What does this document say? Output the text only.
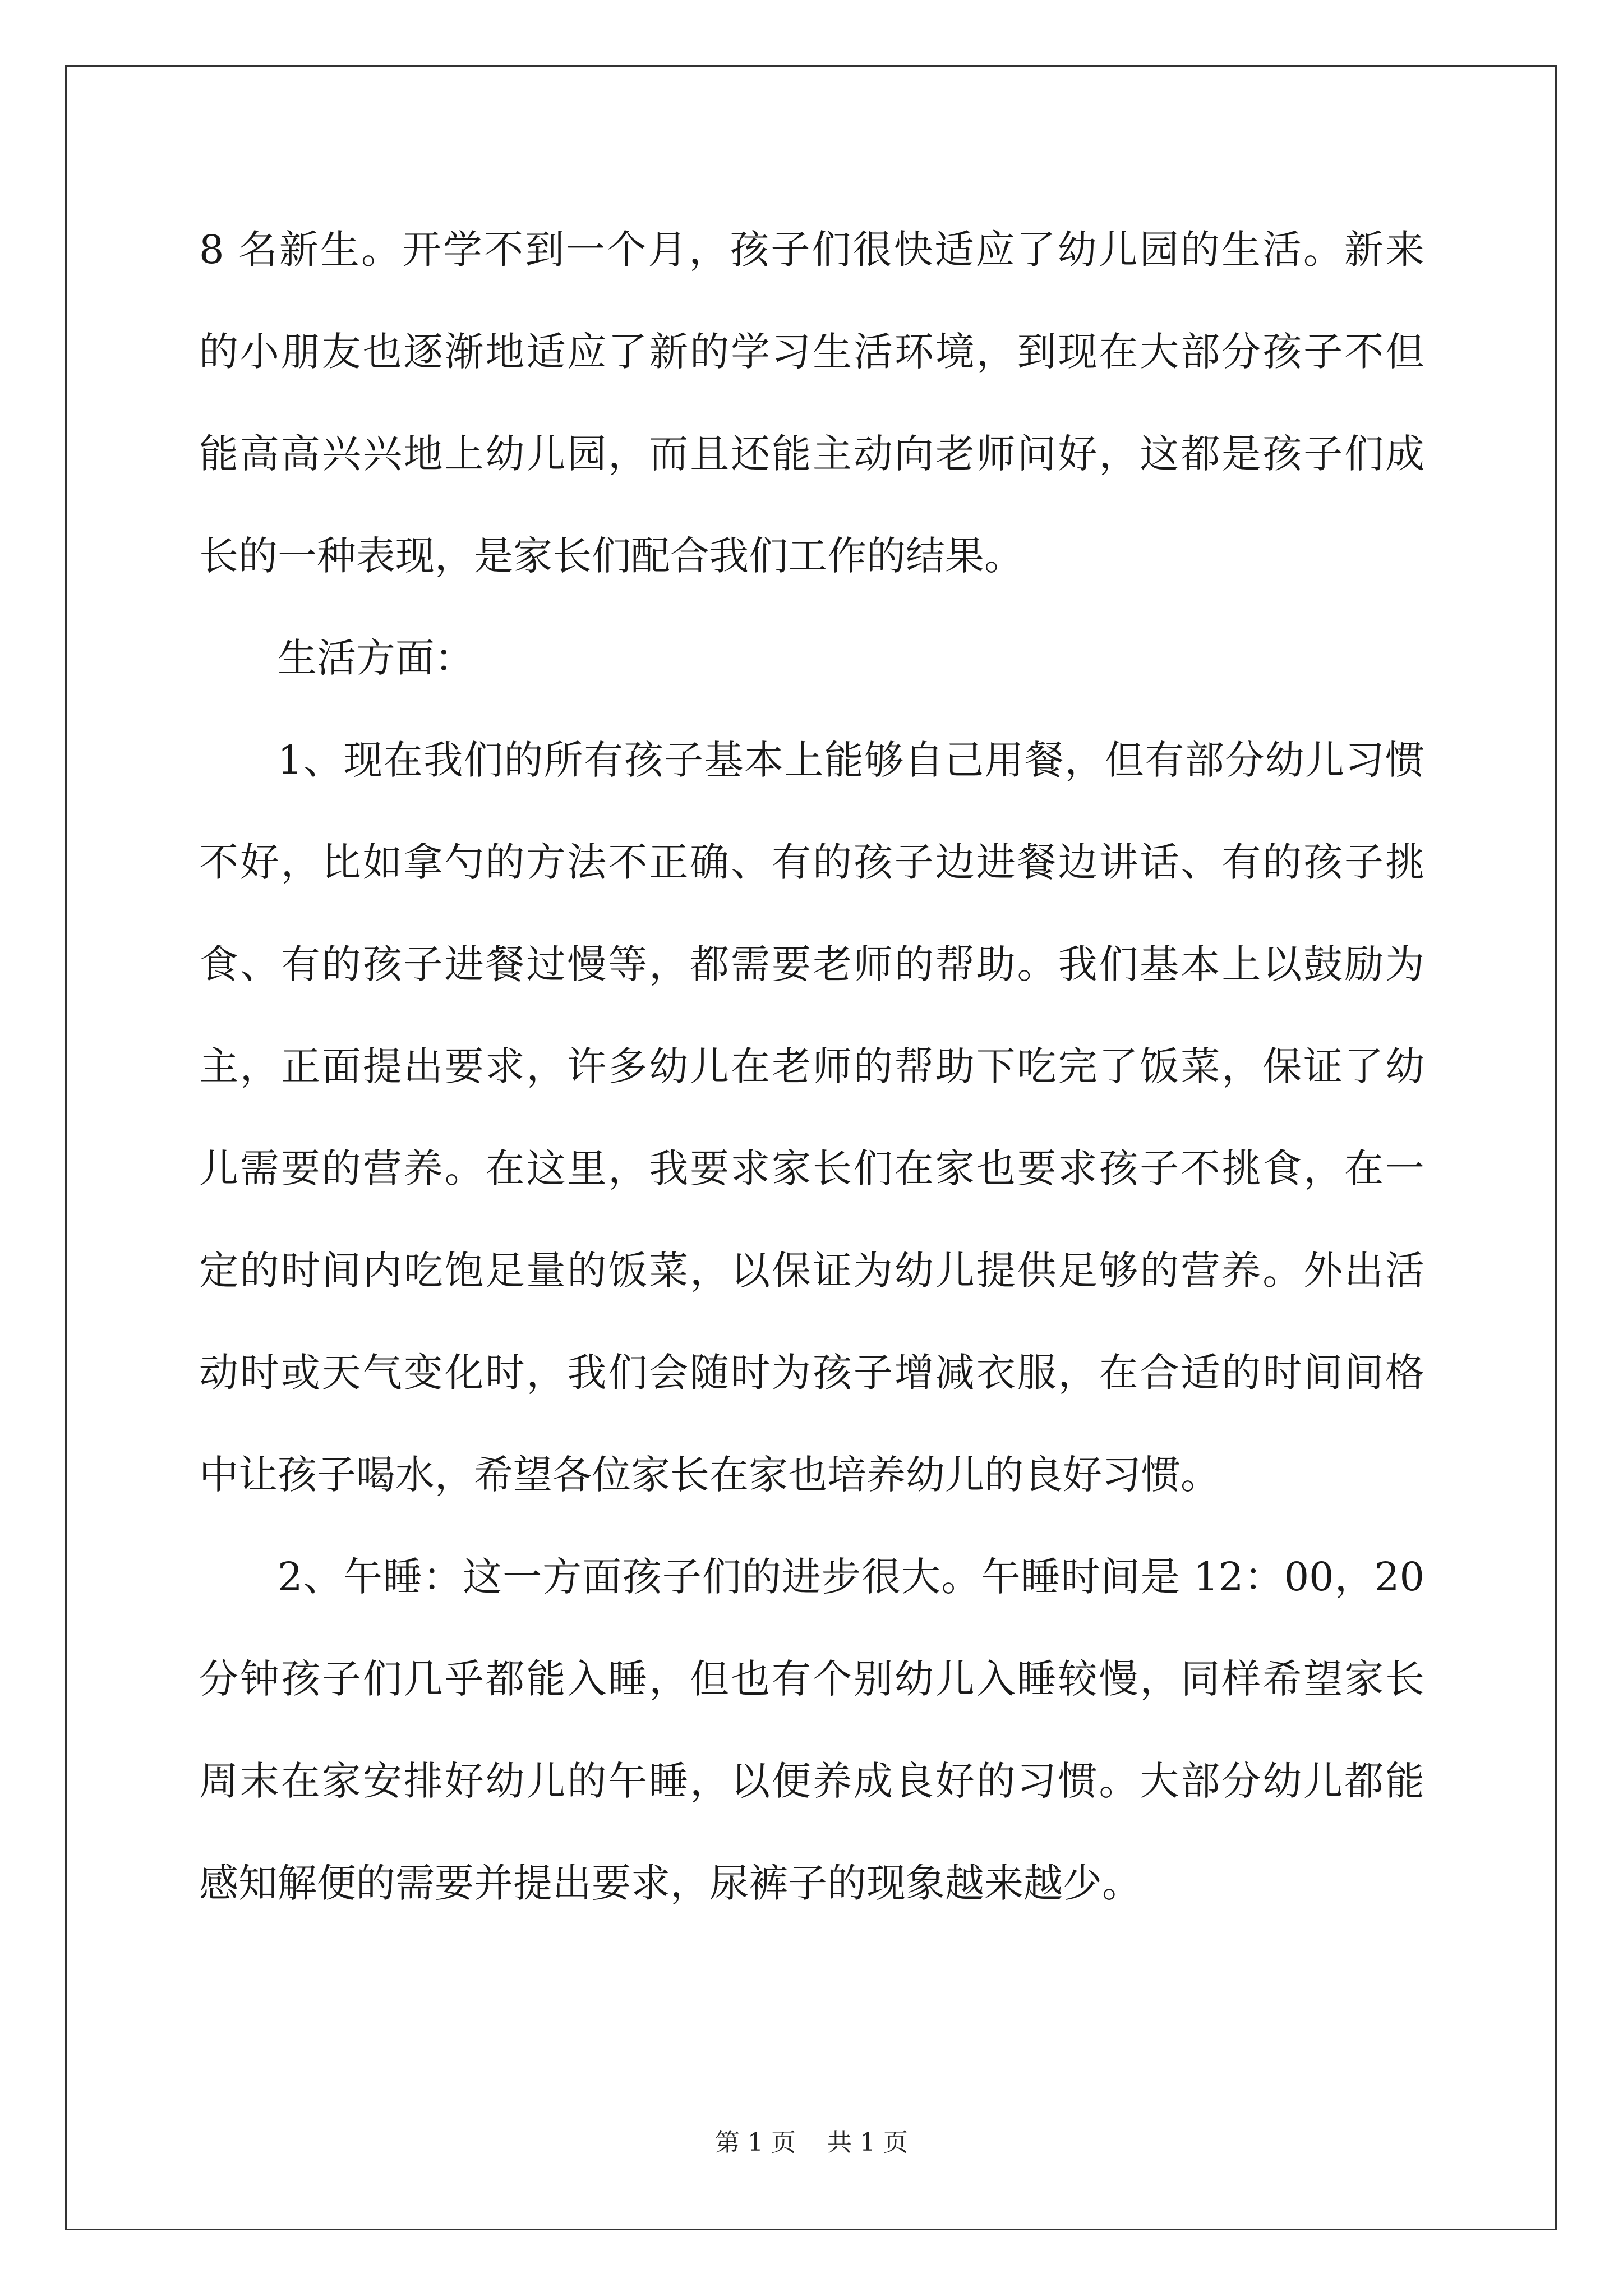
8 名新生。开学不到一个月，孩子们很快适应了幼儿园的生活。新来
的小朋友也逐渐地适应了新的学习生活环境，到现在大部分孩子不但
能高高兴兴地上幼儿园，而且还能主动向老师问好，这都是孩子们成
长的一种表现，是家长们配合我们工作的结果。
生活方面：
1、现在我们的所有孩子基本上能够自己用餐，但有部分幼儿习惯
不好，比如拿勺的方法不正确、有的孩子边进餐边讲话、有的孩子挑
食、有的孩子进餐过慢等，都需要老师的帮助。我们基本上以鼓励为
主，正面提出要求，许多幼儿在老师的帮助下吃完了饭菜，保证了幼
儿需要的营养。在这里，我要求家长们在家也要求孩子不挑食，在一
定的时间内吃饱足量的饭菜，以保证为幼儿提供足够的营养。外出活
动时或天气变化时，我们会随时为孩子增减衣服，在合适的时间间格
中让孩子喝水，希望各位家长在家也培养幼儿的良好习惯。
2、午睡：这一方面孩子们的进步很大。午睡时间是 12：00，20
分钟孩子们几乎都能入睡，但也有个别幼儿入睡较慢，同样希望家长
周末在家安排好幼儿的午睡，以便养成良好的习惯。大部分幼儿都能
感知解便的需要并提出要求，尿裤子的现象越来越少。
第 1 页 共 1 页
